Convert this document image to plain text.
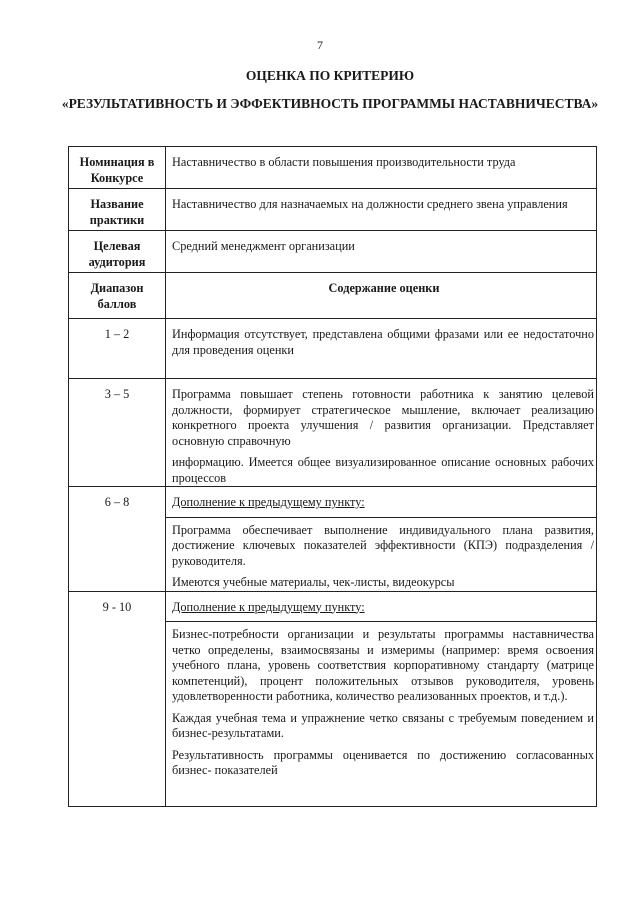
7
ОЦЕНКА ПО КРИТЕРИЮ
«РЕЗУЛЬТАТИВНОСТЬ И ЭФФЕКТИВНОСТЬ ПРОГРАММЫ НАСТАВНИЧЕСТВА»
Номинация в Конкурсе	Наставничество в области повышения производительности труда

Название практики	Наставничество для назначаемых на должности среднего звена управления

Целевая аудитория	Средний менеджмент организации

Диапазон баллов	Содержание оценки

1 – 2	Информация отсутствует, представлена общими фразами или ее недостаточно для проведения оценки

3 – 5	Программа повышает степень готовности работника к занятию целевой должности, формирует стратегическое мышление, включает реализацию конкретного проекта улучшения / развития организации. Представляет основную справочную

информацию. Имеется общее визуализированное описание основных рабочих процессов

6 – 8	Дополнение к предыдущему пункту:

Программа обеспечивает выполнение индивидуального плана развития, достижение ключевых показателей эффективности (КПЭ) подразделения / руководителя.

Имеются учебные материалы, чек-листы, видеокурсы

9 - 10	Дополнение к предыдущему пункту:

Бизнес-потребности организации и результаты программы наставничества четко определены, взаимосвязаны и измеримы (например: время освоения учебного плана, уровень соответствия корпоративному стандарту (матрице компетенций), процент положительных отзывов руководителя, уровень удовлетворенности работника, количество реализованных проектов, и т.д.).

Каждая учебная тема и упражнение четко связаны с требуемым поведением и бизнес-результатами.

Результативность программы оценивается по достижению согласованных бизнес- показателей
